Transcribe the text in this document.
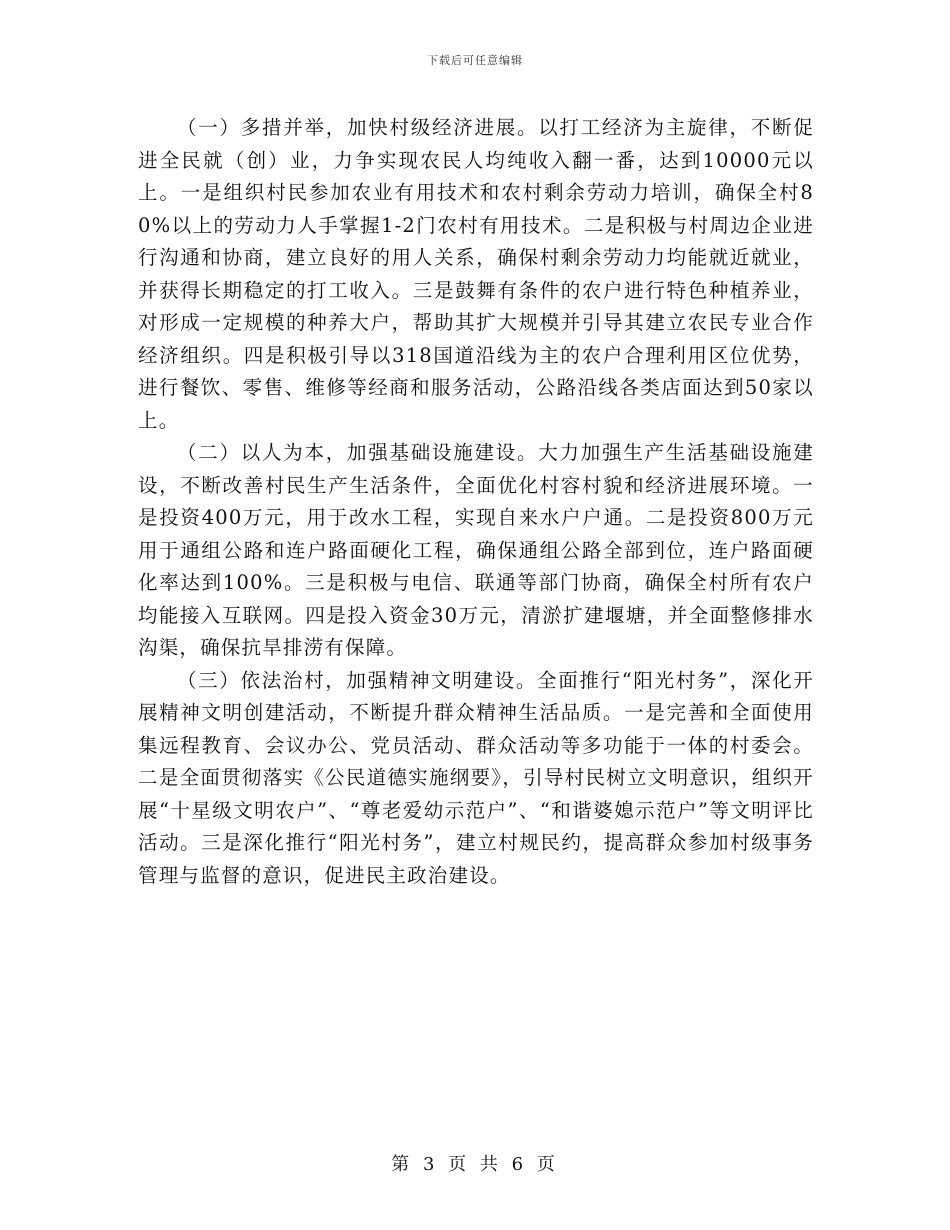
下载后可任意编辑

（一）多措并举，加快村级经济进展。以打工经济为主旋律，不断促进全民就（创）业，力争实现农民人均纯收入翻一番，达到10000元以上。一是组织村民参加农业有用技术和农村剩余劳动力培训，确保全村80%以上的劳动力人手掌握1-2门农村有用技术。二是积极与村周边企业进行沟通和协商，建立良好的用人关系，确保村剩余劳动力均能就近就业，并获得长期稳定的打工收入。三是鼓舞有条件的农户进行特色种植养业，对形成一定规模的种养大户，帮助其扩大规模并引导其建立农民专业合作经济组织。四是积极引导以318国道沿线为主的农户合理利用区位优势，进行餐饮、零售、维修等经商和服务活动，公路沿线各类店面达到50家以上。

（二）以人为本，加强基础设施建设。大力加强生产生活基础设施建设，不断改善村民生产生活条件，全面优化村容村貌和经济进展环境。一是投资400万元，用于改水工程，实现自来水户户通。二是投资800万元用于通组公路和连户路面硬化工程，确保通组公路全部到位，连户路面硬化率达到100%。三是积极与电信、联通等部门协商，确保全村所有农户均能接入互联网。四是投入资金30万元，清淤扩建堰塘，并全面整修排水沟渠，确保抗旱排涝有保障。

（三）依法治村，加强精神文明建设。全面推行“阳光村务”，深化开展精神文明创建活动，不断提升群众精神生活品质。一是完善和全面使用集远程教育、会议办公、党员活动、群众活动等多功能于一体的村委会。二是全面贯彻落实《公民道德实施纲要》，引导村民树立文明意识，组织开展“十星级文明农户”、“尊老爱幼示范户”、“和谐婆媳示范户”等文明评比活动。三是深化推行“阳光村务”，建立村规民约，提高群众参加村级事务管理与监督的意识，促进民主政治建设。

第 3 页 共 6 页
